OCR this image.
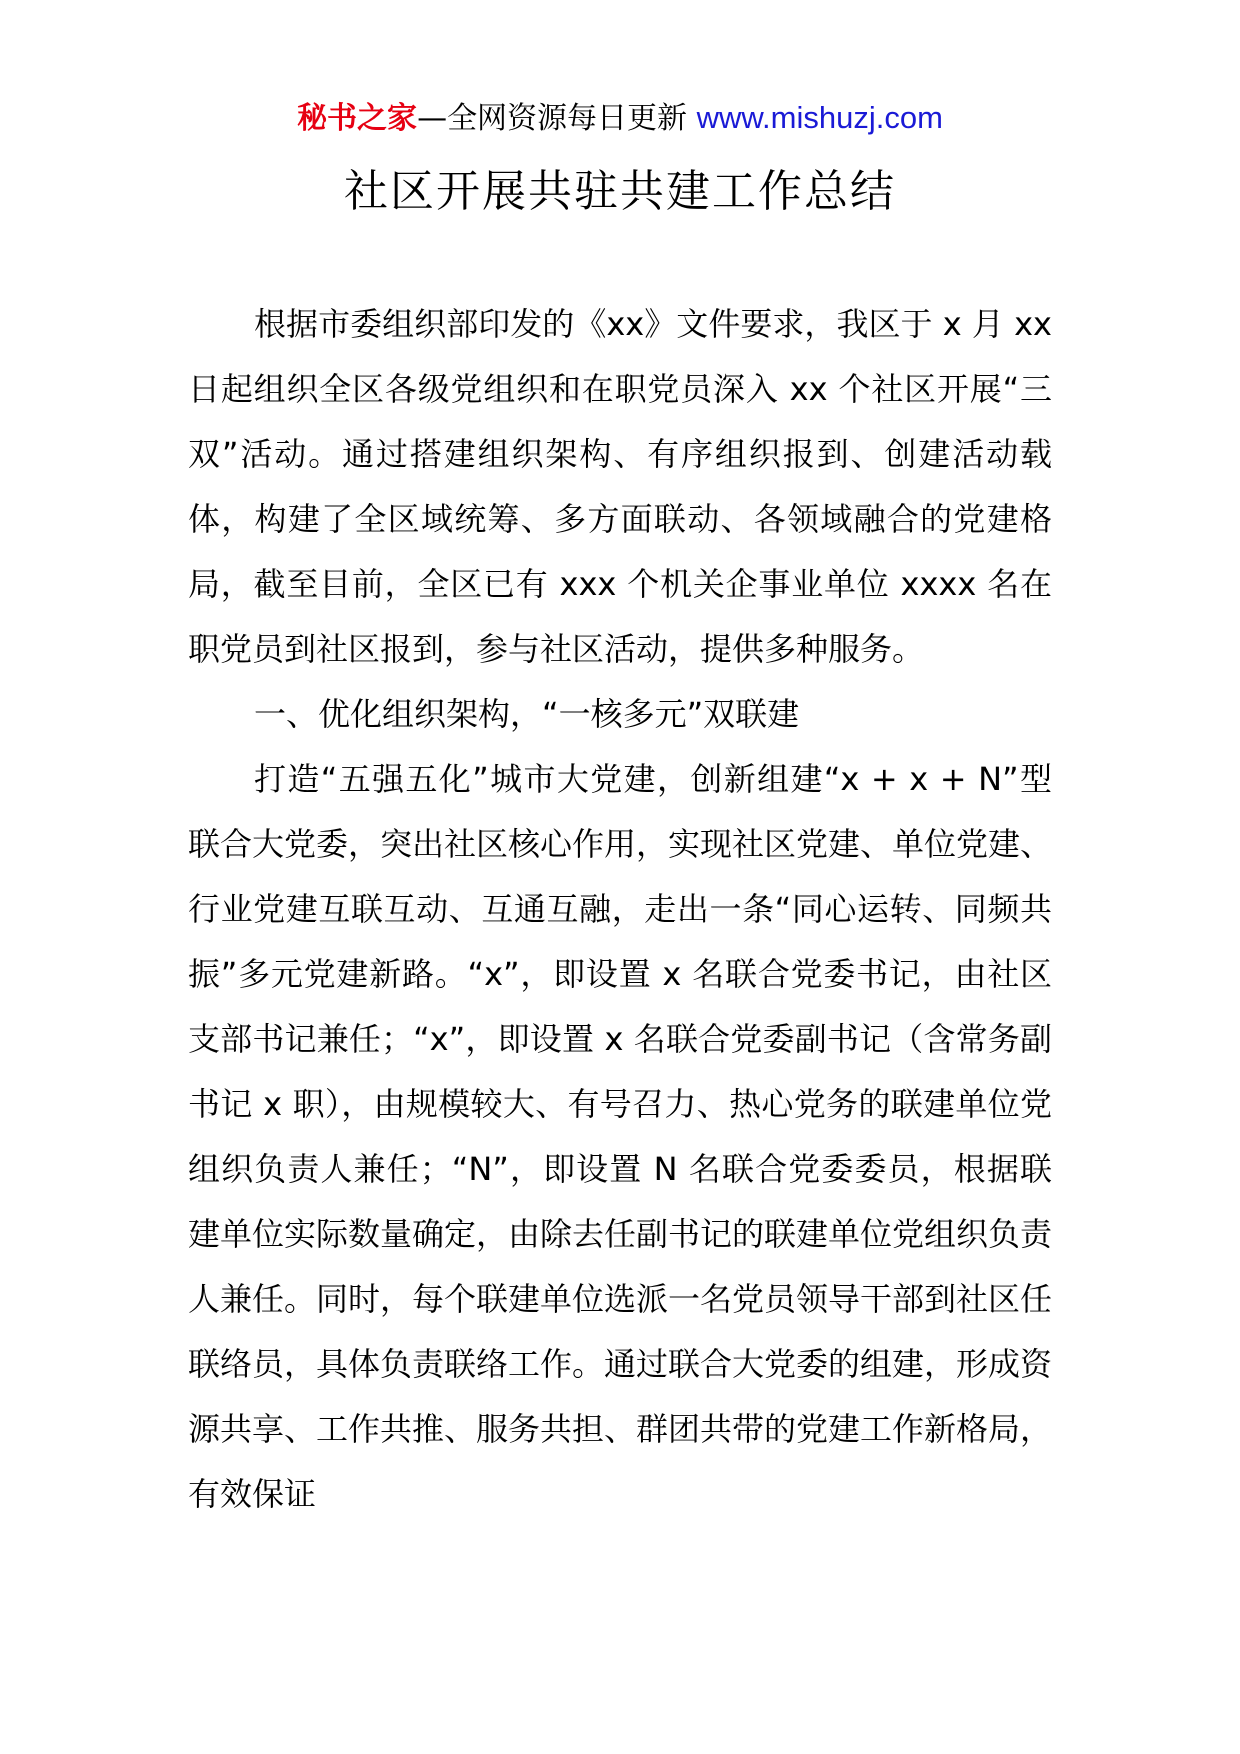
秘书之家—全网资源每日更新 www.mishuzj.com
社区开展共驻共建工作总结

根据市委组织部印发的《xx》文件要求，我区于 x 月 xx 日起组织全区各级党组织和在职党员深入 xx 个社区开展“三双”活动。通过搭建组织架构、有序组织报到、创建活动载体，构建了全区域统筹、多方面联动、各领域融合的党建格局，截至目前，全区已有 xxx 个机关企事业单位 xxxx 名在职党员到社区报到，参与社区活动，提供多种服务。

一、优化组织架构，“一核多元”双联建

打造“五强五化”城市大党建，创新组建“x + x + N”型联合大党委，突出社区核心作用，实现社区党建、单位党建、行业党建互联互动、互通互融，走出一条“同心运转、同频共振”多元党建新路。“x”，即设置 x 名联合党委书记，由社区支部书记兼任；“x”，即设置 x 名联合党委副书记（含常务副书记 x 职），由规模较大、有号召力、热心党务的联建单位党组织负责人兼任；“N”，即设置 N 名联合党委委员，根据联建单位实际数量确定，由除去任副书记的联建单位党组织负责人兼任。同时，每个联建单位选派一名党员领导干部到社区任联络员，具体负责联络工作。通过联合大党委的组建，形成资源共享、工作共推、服务共担、群团共带的党建工作新格局，有效保证
